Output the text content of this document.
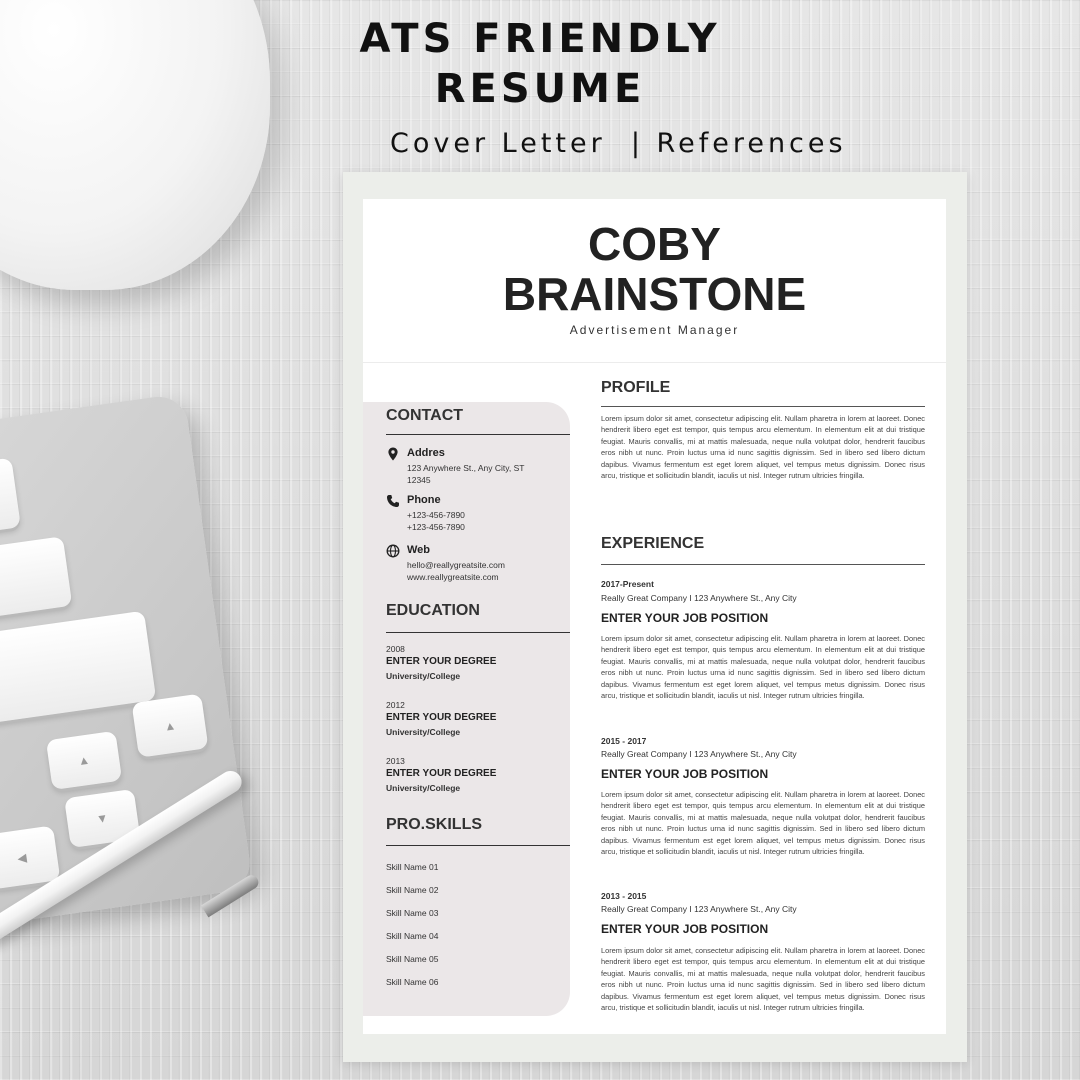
▲
▲
▼
◀
ATS FRIENDLY
RESUME
Cover Letter  | References
COBY
BRAINSTONE
Advertisement Manager
CONTACT
Addres
123 Anywhere St., Any City, ST
12345
Phone
+123-456-7890
+123-456-7890
Web
hello@reallygreatsite.com
www.reallygreatsite.com
EDUCATION
2008
ENTER YOUR DEGREE
University/College
2012
ENTER YOUR DEGREE
University/College
2013
ENTER YOUR DEGREE
University/College
PRO.SKILLS
Skill Name 01
Skill Name 02
Skill Name 03
Skill Name 04
Skill Name 05
Skill Name 06
PROFILE
Lorem ipsum dolor sit amet, consectetur adipiscing elit. Nullam pharetra in lorem at laoreet. Donec hendrerit libero eget est tempor, quis tempus arcu elementum. In elementum elit at dui tristique feugiat. Mauris convallis, mi at mattis malesuada, neque nulla volutpat dolor, hendrerit faucibus eros nibh ut nunc. Proin luctus urna id nunc sagittis dignissim. Sed in libero sed libero dictum dapibus. Vivamus fermentum est eget lorem aliquet, vel tempus metus dignissim. Donec risus arcu, tristique et sollicitudin blandit, iaculis ut nisl. Integer rutrum ultricies fringilla.
EXPERIENCE
2017-Present
Really Great Company I 123 Anywhere St., Any City
ENTER YOUR JOB POSITION
Lorem ipsum dolor sit amet, consectetur adipiscing elit. Nullam pharetra in lorem at laoreet. Donec hendrerit libero eget est tempor, quis tempus arcu elementum. In elementum elit at dui tristique feugiat. Mauris convallis, mi at mattis malesuada, neque nulla volutpat dolor, hendrerit faucibus eros nibh ut nunc. Proin luctus urna id nunc sagittis dignissim. Sed in libero sed libero dictum dapibus. Vivamus fermentum est eget lorem aliquet, vel tempus metus dignissim. Donec risus arcu, tristique et sollicitudin blandit, iaculis ut nisl. Integer rutrum ultricies fringilla.
2015 - 2017
Really Great Company I 123 Anywhere St., Any City
ENTER YOUR JOB POSITION
Lorem ipsum dolor sit amet, consectetur adipiscing elit. Nullam pharetra in lorem at laoreet. Donec hendrerit libero eget est tempor, quis tempus arcu elementum. In elementum elit at dui tristique feugiat. Mauris convallis, mi at mattis malesuada, neque nulla volutpat dolor, hendrerit faucibus eros nibh ut nunc. Proin luctus urna id nunc sagittis dignissim. Sed in libero sed libero dictum dapibus. Vivamus fermentum est eget lorem aliquet, vel tempus metus dignissim. Donec risus arcu, tristique et sollicitudin blandit, iaculis ut nisl. Integer rutrum ultricies fringilla.
2013 - 2015
Really Great Company I 123 Anywhere St., Any City
ENTER YOUR JOB POSITION
Lorem ipsum dolor sit amet, consectetur adipiscing elit. Nullam pharetra in lorem at laoreet. Donec hendrerit libero eget est tempor, quis tempus arcu elementum. In elementum elit at dui tristique feugiat. Mauris convallis, mi at mattis malesuada, neque nulla volutpat dolor, hendrerit faucibus eros nibh ut nunc. Proin luctus urna id nunc sagittis dignissim. Sed in libero sed libero dictum dapibus. Vivamus fermentum est eget lorem aliquet, vel tempus metus dignissim. Donec risus arcu, tristique et sollicitudin blandit, iaculis ut nisl. Integer rutrum ultricies fringilla.
